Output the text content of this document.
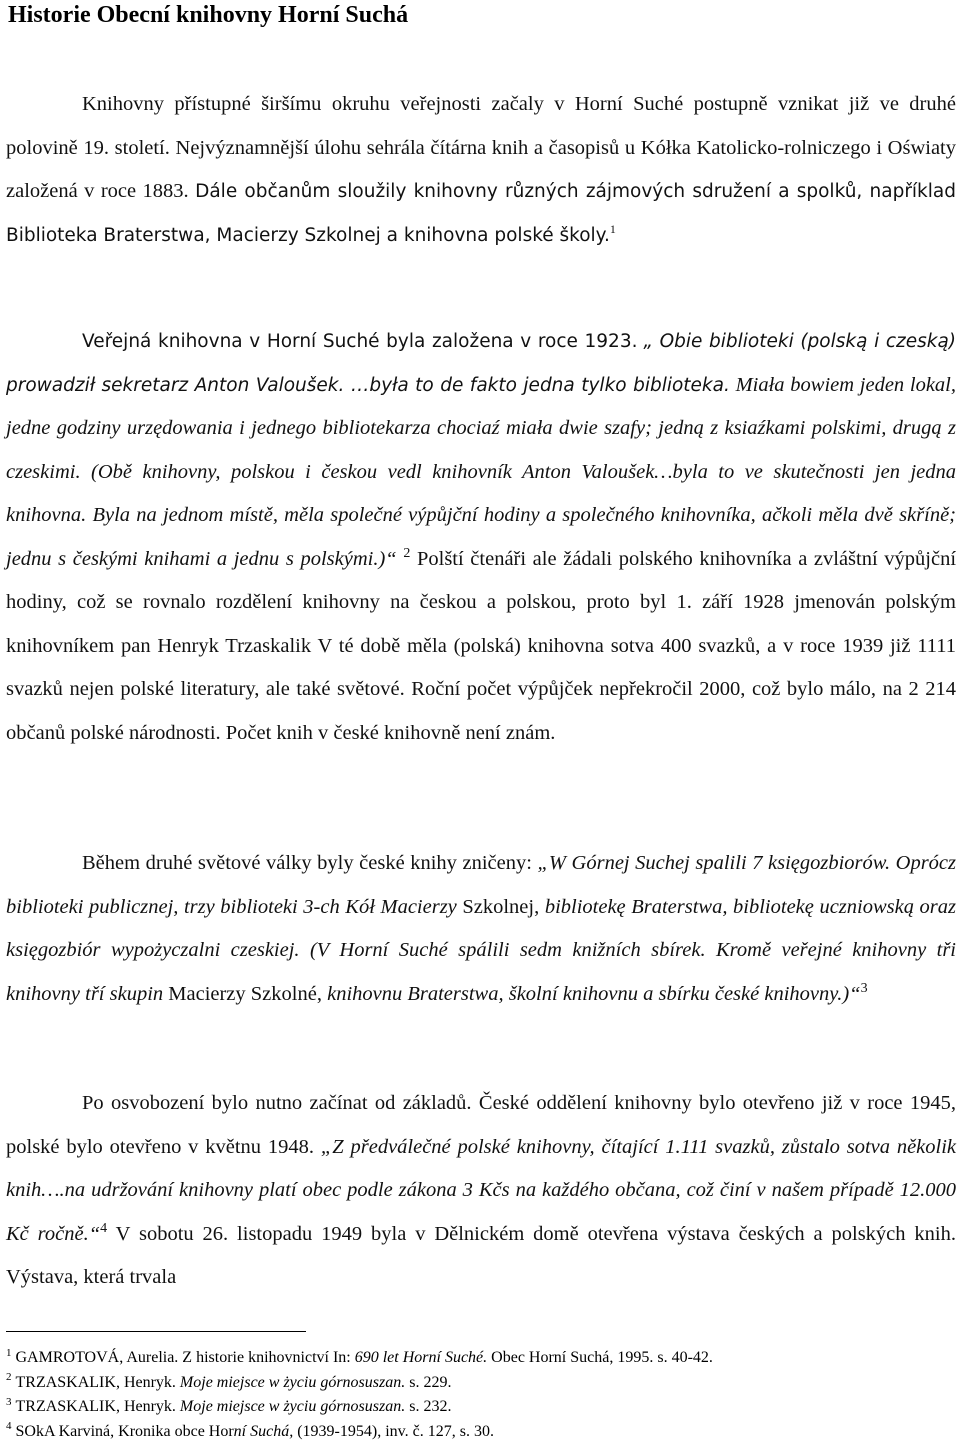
Historie Obecní knihovny Horní Suchá

Knihovny přístupné širšímu okruhu veřejnosti začaly v Horní Suché postupně vznikat již ve druhé polovině 19. století. Nejvýznamnější úlohu sehrála čítárna knih a časopisů u Kółka Katolicko-rolniczego i Oświaty založená v roce 1883. Dále občanům sloužily knihovny různých zájmových sdružení a spolků, například Biblioteka Braterstwa, Macierzy Szkolnej a knihovna polské školy.$^1$

Veřejná knihovna v Horní Suché byla založena v roce 1923. „ Obie biblioteki (polską i czeską) prowadził sekretarz Anton Valoušek. …była to de fakto jedna tylko biblioteka. Miała bowiem jeden lokal, jedne godziny urzędowania i jednego bibliotekarza chociaź miała dwie szafy; jedną z ksiaźkami polskimi, drugą z czeskimi. (Obě knihovny, polskou i českou vedl knihovník Anton Valoušek…byla to ve skutečnosti jen jedna knihovna. Byla na jednom místě, měla společné výpůjční hodiny a společného knihovníka, ačkoli měla dvě skříně; jednu s českými knihami a jednu s polskými.)“ $^2$ Polští čtenáři ale žádali polského knihovníka a zvláštní výpůjční hodiny, což se rovnalo rozdělení knihovny na českou a polskou, proto byl 1. září 1928 jmenován polským knihovníkem pan Henryk Trzaskalik V té době měla (polská) knihovna sotva 400 svazků, a v roce 1939 již 1111 svazků nejen polské literatury, ale také světové. Roční počet výpůjček nepřekročil 2000, což bylo málo, na 2 214 občanů polské národnosti. Počet knih v české knihovně není znám.

Během druhé světové války byly české knihy zničeny: „W Górnej Suchej spalili 7 księgozbiorów. Oprócz biblioteki publicznej, trzy biblioteki 3-ch Kół Macierzy Szkolnej, bibliotekę Braterstwa, bibliotekę uczniowską oraz księgozbiór wypożyczalni czeskiej. (V Horní Suché spálili sedm knižních sbírek. Kromě veřejné knihovny tři knihovny tří skupin Macierzy Szkolné, knihovnu Braterstwa, školní knihovnu a sbírku české knihovny.)“$^3$

Po osvobození bylo nutno začínat od základů. České oddělení knihovny bylo otevřeno již v roce 1945, polské bylo otevřeno v květnu 1948. „Z předválečné polské knihovny, čítající 1.111 svazků, zůstalo sotva několik knih….na udržování knihovny platí obec podle zákona 3 Kčs na každého občana, což činí v našem případě 12.000 Kč ročně.“$^4$ V sobotu 26. listopadu 1949 byla v Dělnickém domě otevřena výstava českých a polských knih. Výstava, která trvala

$^1$ GAMROTOVÁ, Aurelia. Z historie knihovnictví In: 690 let Horní Suché. Obec Horní Suchá, 1995. s. 40-42.

$^2$ TRZASKALIK, Henryk. Moje miejsce w życiu górnosuszan. s. 229.

$^3$ TRZASKALIK, Henryk. Moje miejsce w życiu górnosuszan. s. 232.

$^4$ SOkA Karviná, Kronika obce Horní Suchá, (1939-1954), inv. č. 127, s. 30.
